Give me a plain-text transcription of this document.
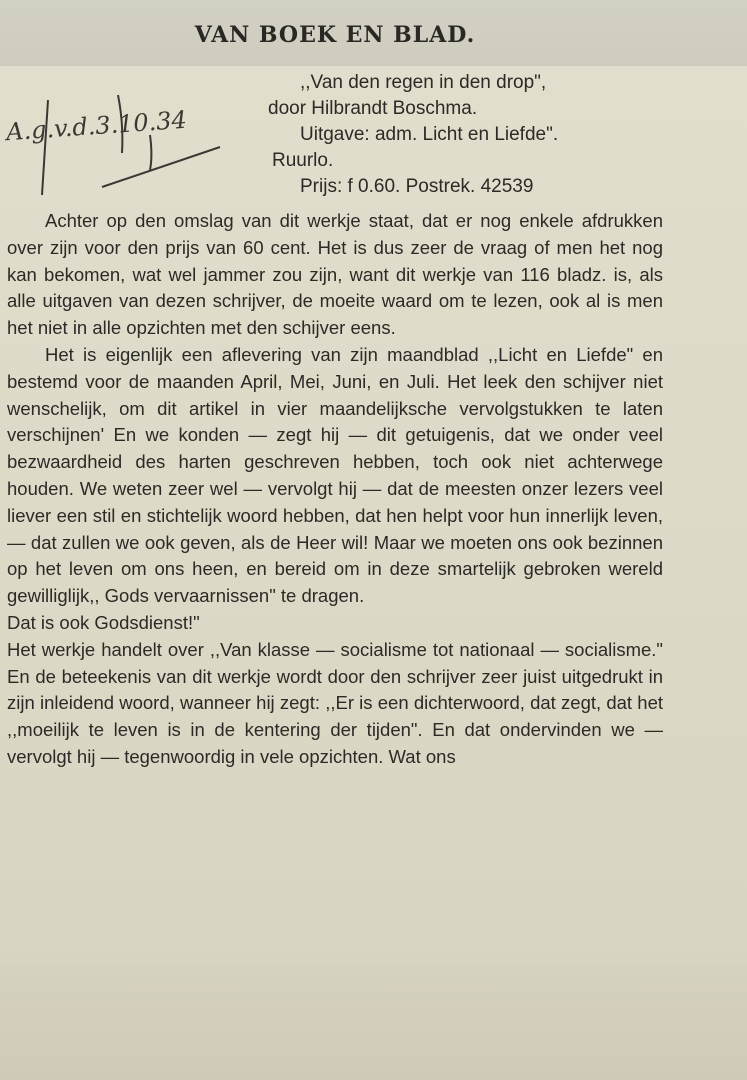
VAN BOEK EN BLAD.
,,Van den regen in den drop",
door Hilbrandt Boschma.
Uitgave: adm. Licht en Liefde".
Ruurlo.
Prijs: f 0.60. Postrek. 42539
A.g.v.d.3.10.34

Achter op den omslag van dit werkje staat, dat er nog enkele afdrukken over zijn voor den prijs van 60 cent. Het is dus zeer de vraag of men het nog kan bekomen, wat wel jammer zou zijn, want dit werkje van 116 bladz. is, als alle uitgaven van dezen schrijver, de moeite waard om te lezen, ook al is men het niet in alle opzichten met den schijver eens.

Het is eigenlijk een aflevering van zijn maandblad ,,Licht en Liefde" en bestemd voor de maanden April, Mei, Juni, en Juli. Het leek den schijver niet wenschelijk, om dit artikel in vier maandelijksche vervolgstukken te laten verschijnen' En we konden — zegt hij — dit getuigenis, dat we onder veel bezwaardheid des harten geschreven hebben, toch ook niet achterwege houden. We weten zeer wel — vervolgt hij — dat de meesten onzer lezers veel liever een stil en stichtelijk woord hebben, dat hen helpt voor hun innerlijk leven, — dat zullen we ook geven, als de Heer wil! Maar we moeten ons ook bezinnen op het leven om ons heen, en bereid om in deze smartelijk gebroken wereld gewilliglijk,, Gods vervaarnissen" te dragen.

Dat is ook Godsdienst!"

Het werkje handelt over ,,Van klasse — socialisme tot nationaal — socialisme." En de beteekenis van dit werkje wordt door den schrijver zeer juist uitgedrukt in zijn inleidend woord, wanneer hij zegt: ,,Er is een dichterwoord, dat zegt, dat het ,,moeilijk te leven is in de kentering der tijden". En dat ondervinden we — vervolgt hij — tegenwoordig in vele opzichten. Wat ons
